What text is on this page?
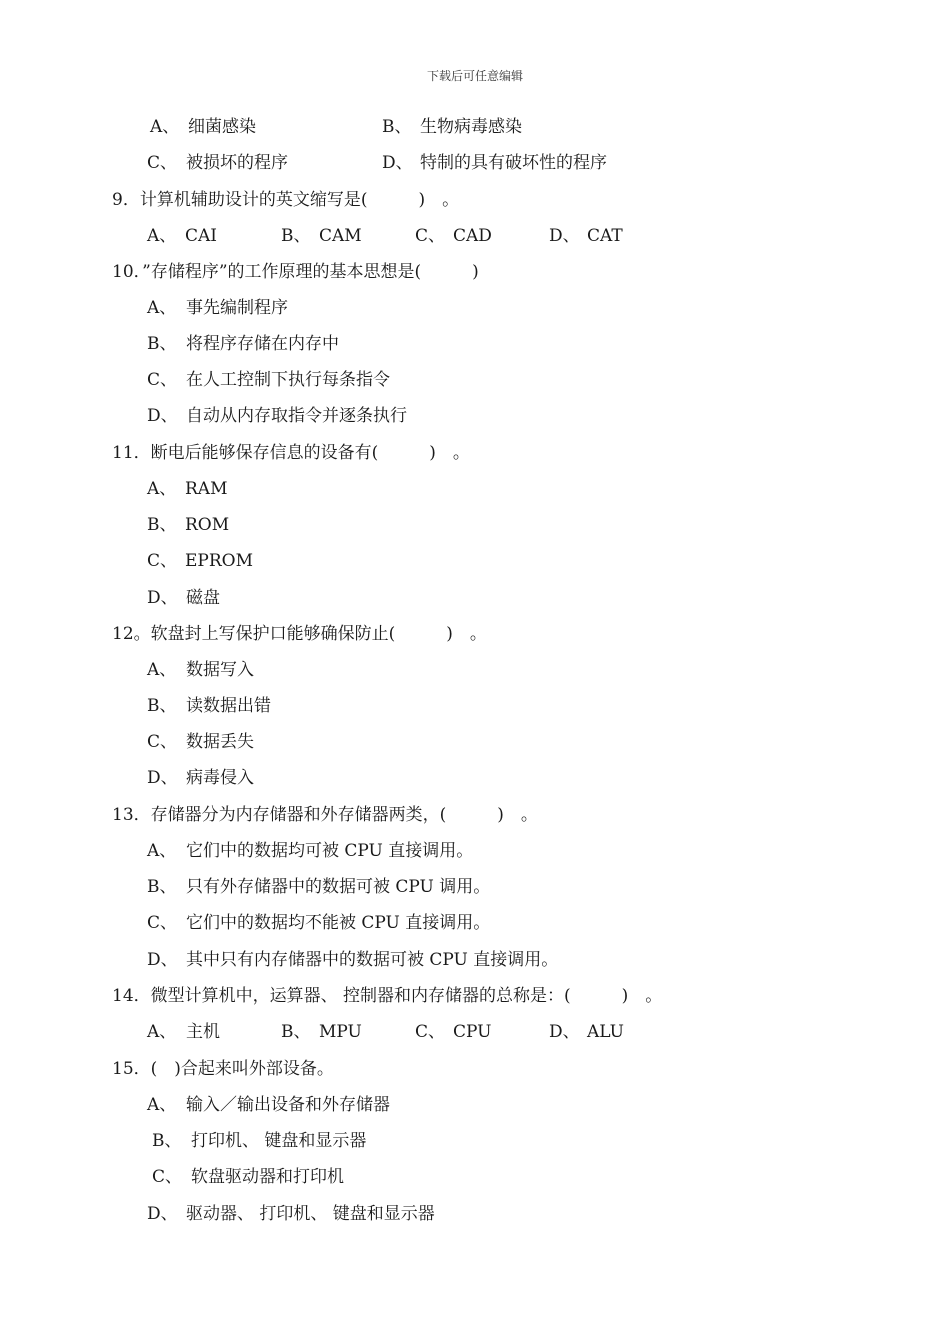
下载后可任意编辑
A、 细菌感染	B、 生物病毒感染
C、 被损坏的程序	D、 特制的具有破坏性的程序
9．计算机辅助设计的英文缩写是(　　　)　。
A、 CAI	B、 CAM	C、 CAD	D、 CAT
10．”存储程序”的工作原理的基本思想是(　　　)
A、 事先编制程序
B、 将程序存储在内存中
C、 在人工控制下执行每条指令
D、 自动从内存取指令并逐条执行
11．断电后能够保存信息的设备有(　　　)　。
A、 RAM
B、 ROM
C、 EPROM
D、 磁盘
12。软盘封上写保护口能够确保防止(　　　)　。
A、 数据写入
B、 读数据出错
C、 数据丢失
D、 病毒侵入
13．存储器分为内存储器和外存储器两类，(　　　)　。
A、 它们中的数据均可被 CPU 直接调用。
B、 只有外存储器中的数据可被 CPU 调用。
C、 它们中的数据均不能被 CPU 直接调用。
D、 其中只有内存储器中的数据可被 CPU 直接调用。
14．微型计算机中，运算器、 控制器和内存储器的总称是：(　　　)　。
A、 主机	B、 MPU	C、 CPU	D、 ALU
15．(　)合起来叫外部设备。
A、 输入／输出设备和外存储器
B、 打印机、 键盘和显示器
C、 软盘驱动器和打印机
D、 驱动器、 打印机、 键盘和显示器
